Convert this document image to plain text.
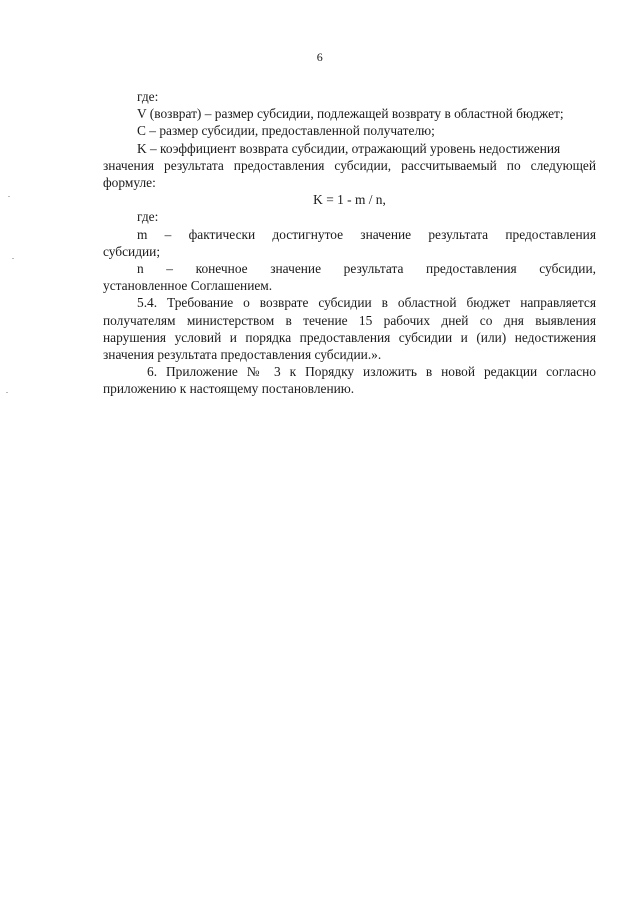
6
где:
V (возврат) – размер субсидии, подлежащей возврату в областной бюджет;
С – размер субсидии, предоставленной получателю;
K – коэффициент возврата субсидии, отражающий уровень недостижения
значения результата предоставления субсидии, рассчитываемый по следующей
формуле:
K = 1 - m / n,
где:
m – фактически достигнутое значение результата предоставления
субсидии;
n – конечное значение результата предоставления субсидии,
установленное Соглашением.
5.4. Требование о возврате субсидии в областной бюджет направляется
получателям министерством в течение 15 рабочих дней со дня выявления
нарушения условий и порядка предоставления субсидии и (или) недостижения
значения результата предоставления субсидии.».
6. Приложение № 3 к Порядку изложить в новой редакции согласно
приложению к настоящему постановлению.
